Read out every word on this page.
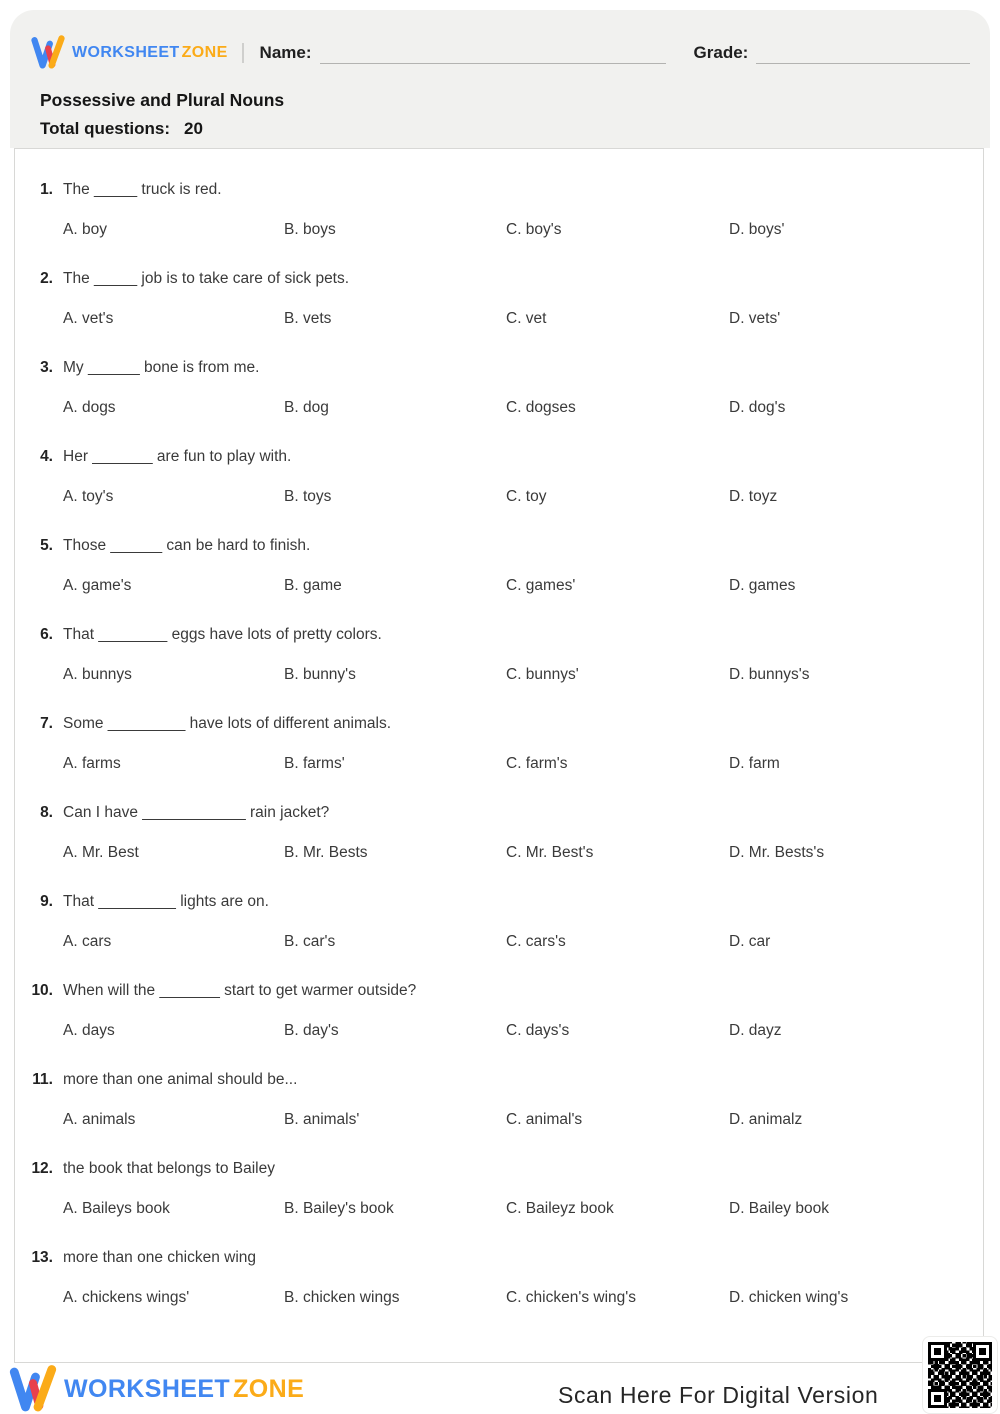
WORKSHEET ZONE Name:	Grade:
Possessive and Plural Nouns
Total questions: 20
1. The _____ truck is red.
A. boy	B. boys	C. boy's	D. boys'
2. The _____ job is to take care of sick pets.
A. vet's	B. vets	C. vet	D. vets'
3. My ______ bone is from me.
A. dogs	B. dog	C. dogses	D. dog's
4. Her _______ are fun to play with.
A. toy's	B. toys	C. toy	D. toyz
5. Those ______ can be hard to finish.
A. game's	B. game	C. games'	D. games
6. That ________ eggs have lots of pretty colors.
A. bunnys	B. bunny's	C. bunnys'	D. bunnys's
7. Some _________ have lots of different animals.
A. farms	B. farms'	C. farm's	D. farm
8. Can I have ____________ rain jacket?
A. Mr. Best	B. Mr. Bests	C. Mr. Best's	D. Mr. Bests's
9. That _________ lights are on.
A. cars	B. car's	C. cars's	D. car
10. When will the _______ start to get warmer outside?
A. days	B. day's	C. days's	D. dayz
11. more than one animal should be...
A. animals	B. animals'	C. animal's	D. animalz
12. the book that belongs to Bailey
A. Baileys book	B. Bailey's book	C. Baileyz book	D. Bailey book
13. more than one chicken wing
A. chickens wings'	B. chicken wings	C. chicken's wing's	D. chicken wing's
WORKSHEET ZONE	Scan Here For Digital Version
